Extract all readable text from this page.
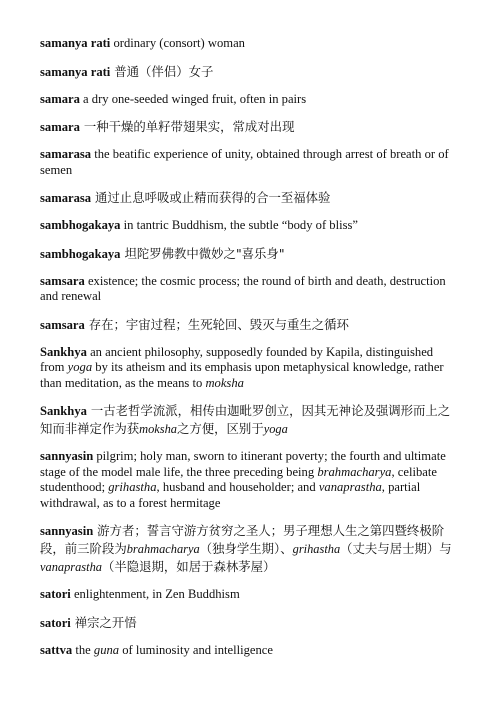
samanya rati ordinary (consort) woman

samanya rati 普通（伴侣）女子

samara a dry one-seeded winged fruit, often in pairs

samara 一种干燥的单籽带翅果实，常成对出现

samarasa the beatific experience of unity, obtained through arrest of breath or of semen

samarasa 通过止息呼吸或止精而获得的合一至福体验

sambhogakaya in tantric Buddhism, the subtle “body of bliss”

sambhogakaya 坦陀罗佛教中微妙之"喜乐身"

samsara existence; the cosmic process; the round of birth and death, destruction and renewal

samsara 存在；宇宙过程；生死轮回、毁灭与重生之循环

Sankhya an ancient philosophy, supposedly founded by Kapila, distinguished from yoga by its atheism and its emphasis upon metaphysical knowledge, rather than meditation, as the means to moksha

Sankhya 一古老哲学流派，相传由迦毗罗创立，因其无神论及强调形而上之知而非禅定作为获moksha之方便，区别于yoga

sannyasin pilgrim; holy man, sworn to itinerant poverty; the fourth and ultimate stage of the model male life, the three preceding being brahmacharya, celibate studenthood; grihastha, husband and householder; and vanaprastha, partial withdrawal, as to a forest hermitage

sannyasin 游方者；誓言守游方贫穷之圣人；男子理想人生之第四暨终极阶段，前三阶段为brahmacharya（独身学生期）、grihastha（丈夫与居士期）与vanaprastha（半隐退期，如居于森林茅屋）

satori enlightenment, in Zen Buddhism

satori 禅宗之开悟

sattva the guna of luminosity and intelligence
